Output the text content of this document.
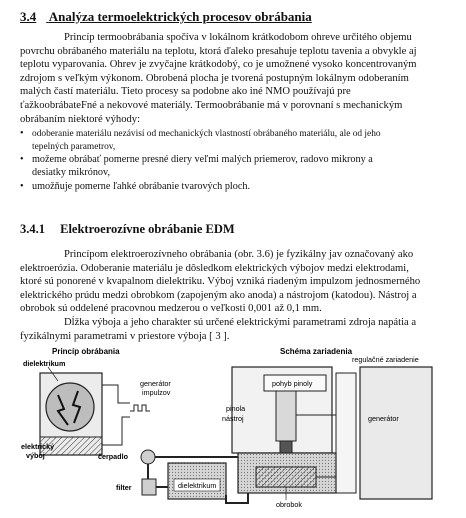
3.4 Analýza termoelektrických procesov obrábania
Princíp termoobrábania spočíva v lokálnom krátkodobom ohreve určitého objemu
povrchu obrábaného materiálu na teplotu, ktorá ďaleko presahuje teplotu tavenia a obvykle aj
teplotu vyparovania. Ohrev je zvyčajne krátkodobý, co je umožnené vysoko koncentrovaným
zdrojom s veľkým výkonom. Obrobená plocha je tvorená postupným lokálnym odoberaním
malých častí materiálu. Tieto procesy sa podobne ako iné NMO používajú pre
ťažkoobrábateFné a nekovové materiály. Termoobrábanie má v porovnaní s mechanickým
obrábaním niektoré výhody:
• odoberanie materiálu nezávisí od mechanických vlastností obrábaného materiálu, ale od jeho
tepelných parametrov,
• možeme obrábať pomerne presné diery veľmi malých priemerov, radovo mikrony a
desiatky mikrónov,
• umožňuje pomerne ľahké obrábanie tvarových ploch.
3.4.1 Elektroerozívne obrábanie EDM
Princípom elektroerozívneho obrábania (obr. 3.6) je fyzikálny jav označovaný ako
elektroerózia. Odoberanie materiálu je dôsledkom elektrických výbojov medzi elektrodami,
ktoré sú ponorené v kvapalnom dielektriku. Výboj vzniká riadeným impulzom jednosmerného
elektrického prúdu medzi obrobkom (zapojeným ako anoda) a nástrojom (katodou). Nástroj a
obrobok sú oddelené pracovnou medzerou o veľkosti 0,001 až 0,1 mm.
Dĺžka výboja a jeho charakter sú určené elektrickými parametrami zdroja napátia a
fyzikálnymi parametrami v priestore výboja [ 3 ].
Princíp obrábania	Schéma zariadenia
dielektrikum
generátor
impulzov
elektrický
výboj
pohyb pinoly
pinola
nástroj
regulačné zariadenie
generátor
obrobok
dielektrikum
čerpadlo
filter
